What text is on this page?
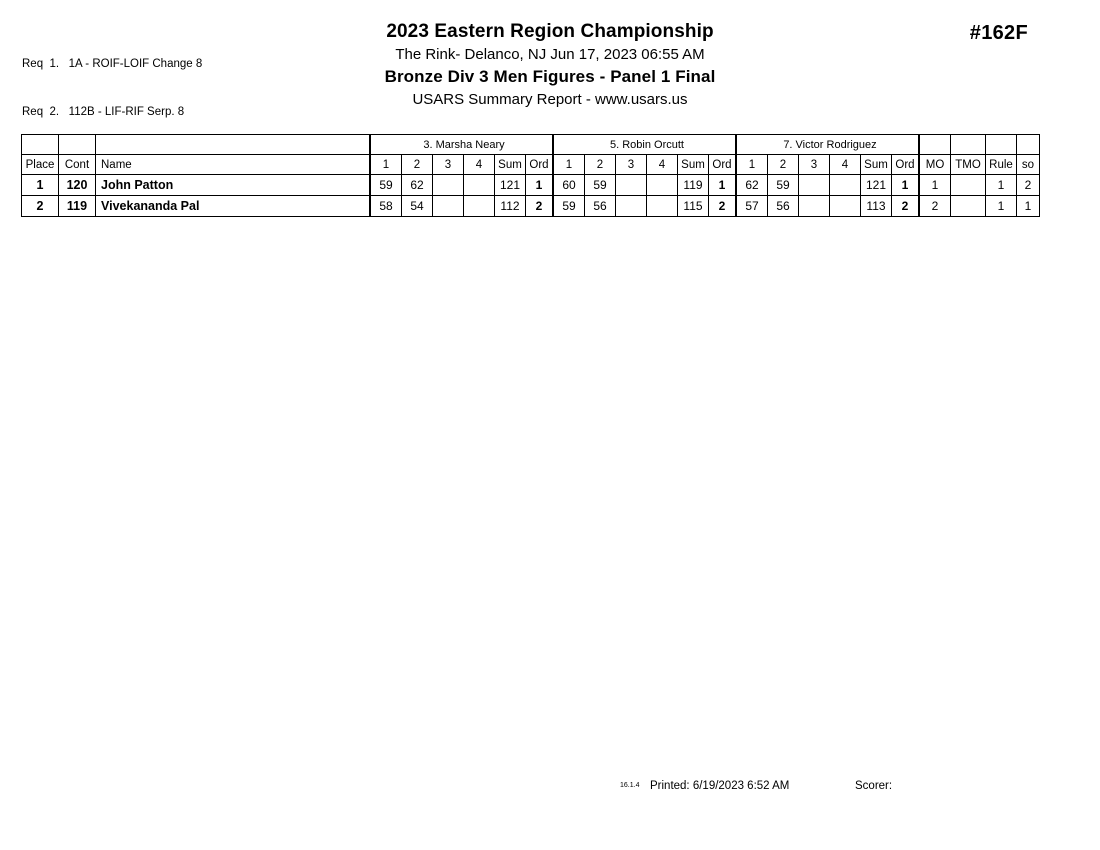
Req  1.   1A - ROIF-LOIF Change 8

Req  2.   112B - LIF-RIF Serp. 8

2023 Eastern Region Championship
The Rink- Delanco, NJ Jun 17, 2023 06:55 AM
Bronze Div 3 Men Figures - Panel 1 Final
USARS Summary Report - www.usars.us
#162F
			3. Marsha Neary						5. Robin Orcutt						7. Victor Rodriguez									
Place	Cont	Name	1	2	3	4	Sum	Ord	1	2	3	4	Sum	Ord	1	2	3	4	Sum	Ord	MO	TMO	Rule	so
1	120	John Patton	59	62			121	1	60	59			119	1	62	59			121	1	1		1	2
2	119	Vivekananda Pal	58	54			112	2	59	56			115	2	57	56			113	2	2		1	1
16.1.4 Printed: 6/19/2023 6:52 AM	Scorer:
